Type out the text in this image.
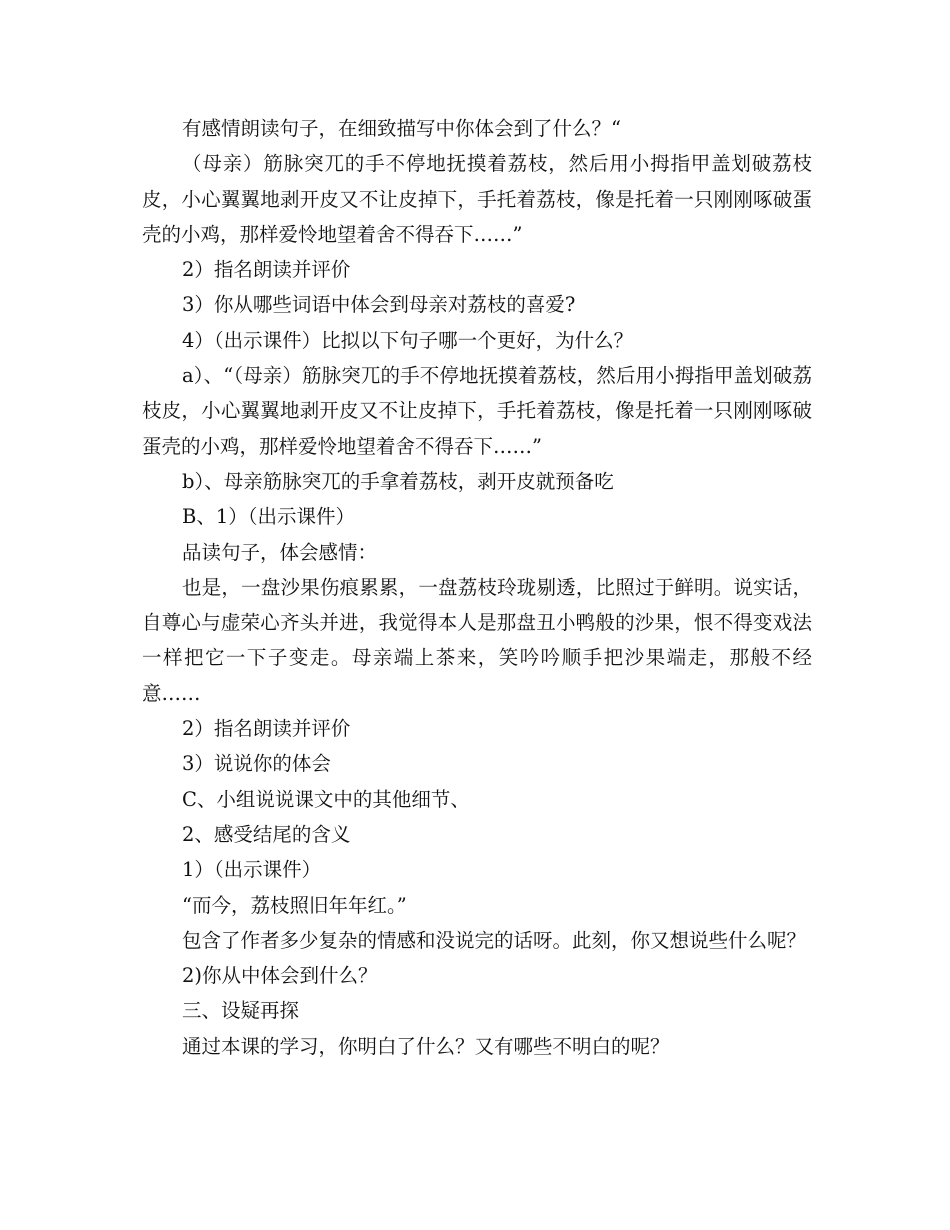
有感情朗读句子，在细致描写中你体会到了什么？“

（母亲）筋脉突兀的手不停地抚摸着荔枝，然后用小拇指甲盖划破荔枝皮，小心翼翼地剥开皮又不让皮掉下，手托着荔枝，像是托着一只刚刚啄破蛋壳的小鸡，那样爱怜地望着舍不得吞下……”

2）指名朗读并评价

3）你从哪些词语中体会到母亲对荔枝的喜爱?

4）（出示课件）比拟以下句子哪一个更好，为什么？

a）、“（母亲）筋脉突兀的手不停地抚摸着荔枝，然后用小拇指甲盖划破荔枝皮，小心翼翼地剥开皮又不让皮掉下，手托着荔枝，像是托着一只刚刚啄破蛋壳的小鸡，那样爱怜地望着舍不得吞下……”

b）、母亲筋脉突兀的手拿着荔枝，剥开皮就预备吃

B、1）（出示课件）

品读句子，体会感情：

也是，一盘沙果伤痕累累，一盘荔枝玲珑剔透，比照过于鲜明。说实话，自尊心与虚荣心齐头并进，我觉得本人是那盘丑小鸭般的沙果，恨不得变戏法一样把它一下子变走。母亲端上茶来，笑吟吟顺手把沙果端走，那般不经意……

2）指名朗读并评价

3）说说你的体会

C、小组说说课文中的其他细节、

2、感受结尾的含义

1）（出示课件）

“而今，荔枝照旧年年红。”

包含了作者多少复杂的情感和没说完的话呀。此刻，你又想说些什么呢？

2)你从中体会到什么？

三、设疑再探

通过本课的学习，你明白了什么？又有哪些不明白的呢？
